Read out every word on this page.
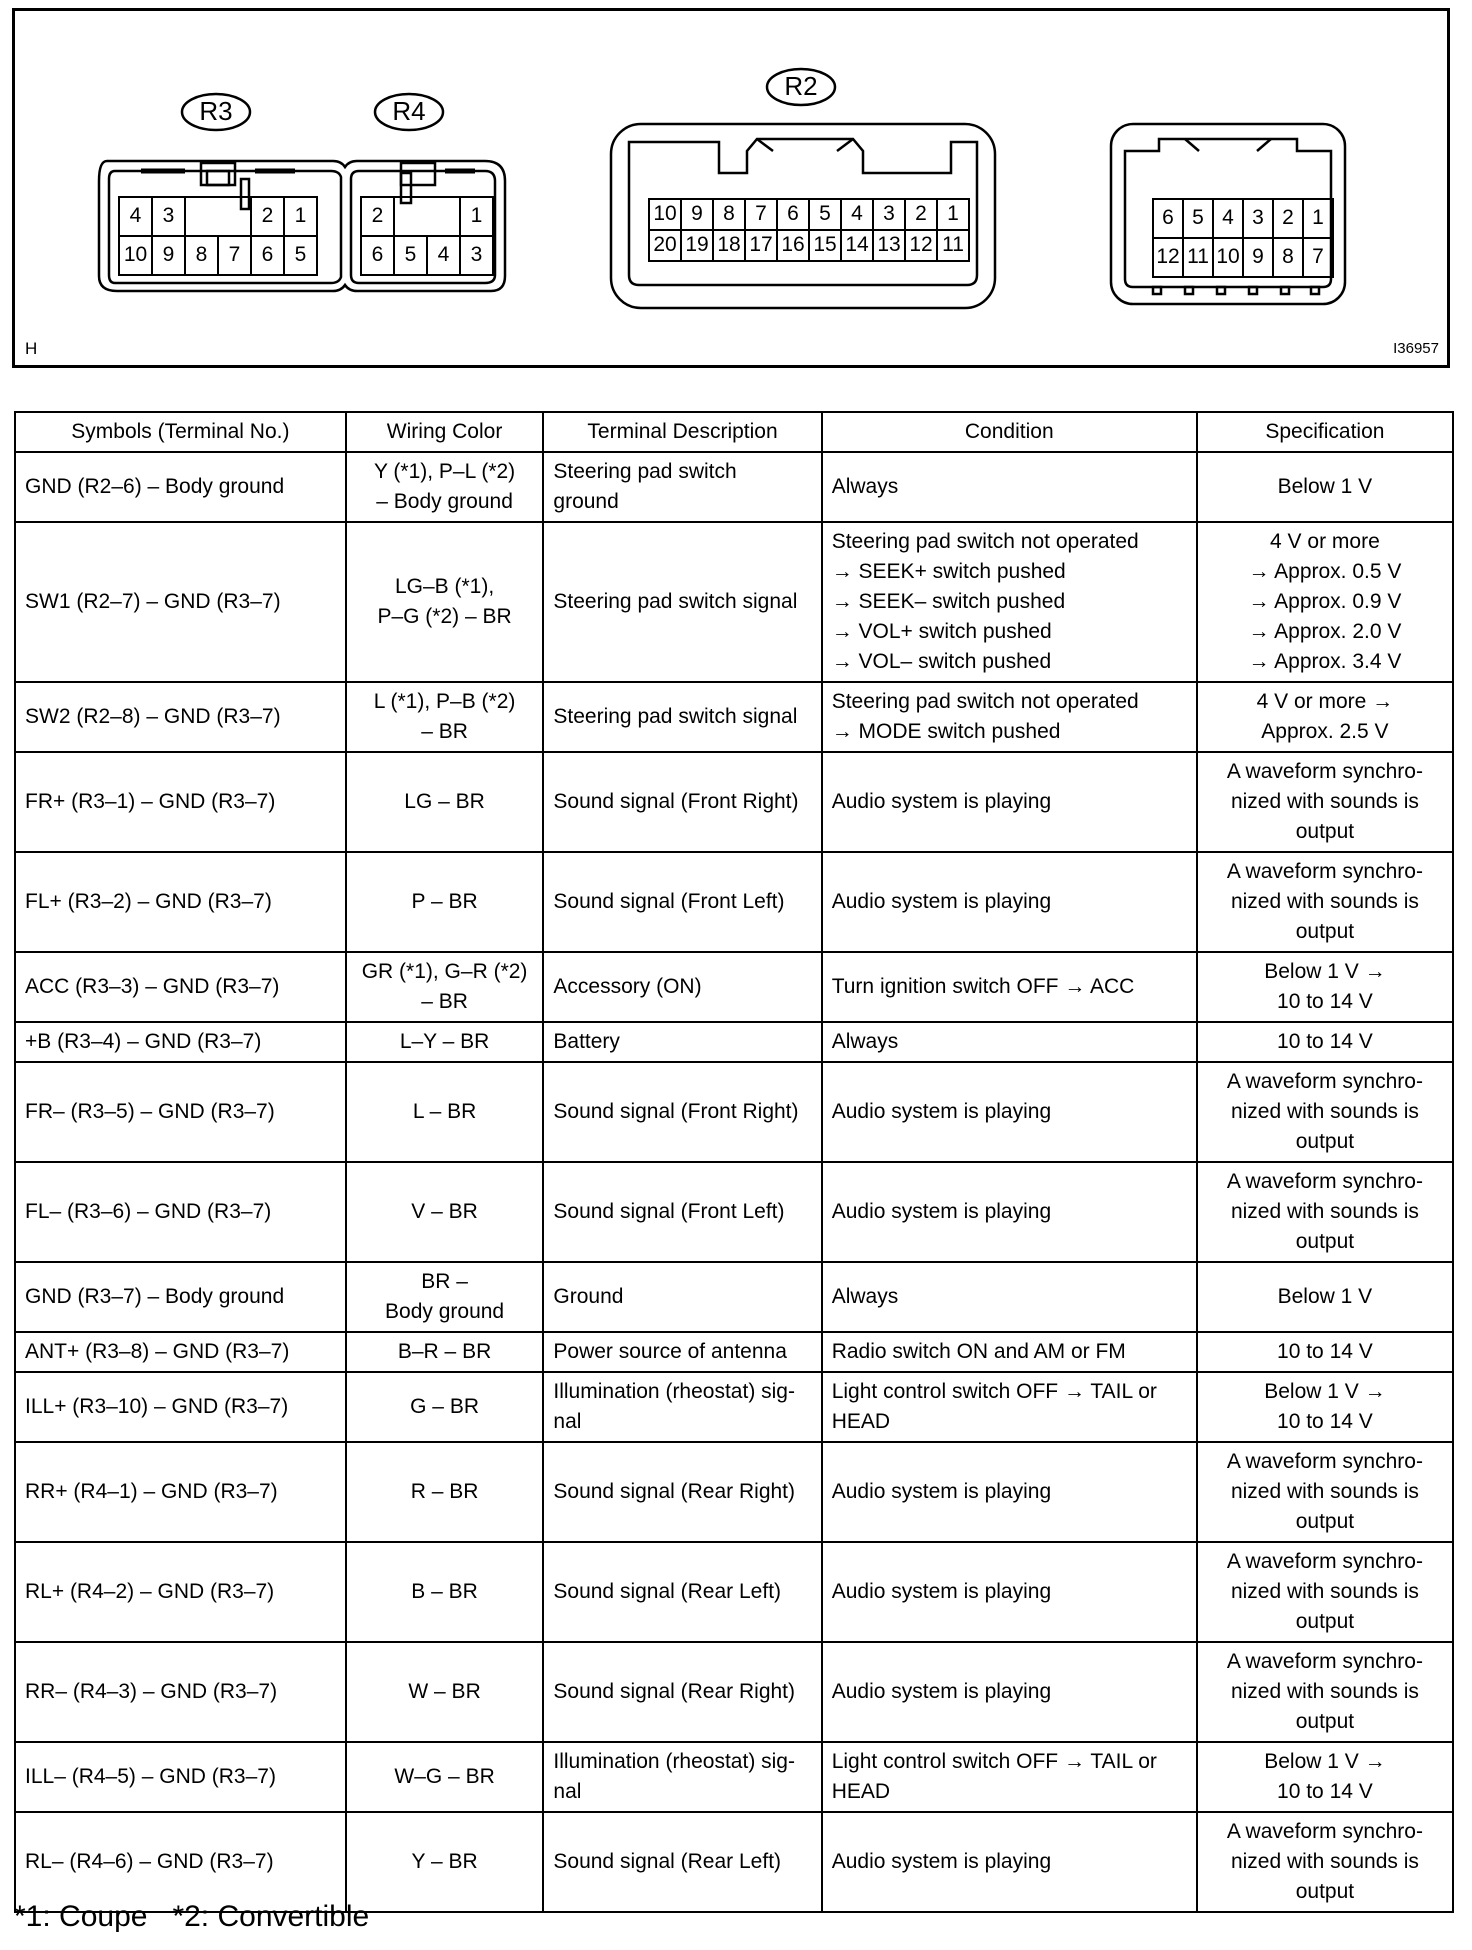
R3	R4
R2
10 9 8 7 6 5
4 3	2 1
6 5 4 3
2	1
20 19 18 17 16 15 14 13 12 11
10 9 8 7 6 5 4 3 2 1
12 11 10 9 8 7
6 5 4 3 2 1
H	I36957
Symbols (Terminal No.)	Wiring Color	Terminal Description	Condition	Specification
GND (R2–6) – Body ground	Y (*1), P–L (*2)
– Body ground	Steering pad switch
ground	Always	Below 1 V

SW1 (R2–7) – GND (R3–7)	LG–B (*1),
P–G (*2) – BR	Steering pad switch signal	Steering pad switch not operated
→ SEEK+ switch pushed
→ SEEK– switch pushed
→ VOL+ switch pushed
→ VOL– switch pushed	4 V or more
→ Approx. 0.5 V
→ Approx. 0.9 V
→ Approx. 2.0 V
→ Approx. 3.4 V

SW2 (R2–8) – GND (R3–7)	L (*1), P–B (*2)
– BR	Steering pad switch signal	Steering pad switch not operated
→ MODE switch pushed	4 V or more →
Approx. 2.5 V

FR+ (R3–1) – GND (R3–7)	LG – BR	Sound signal (Front Right)	Audio system is playing	A waveform synchro-
nized with sounds is
output

FL+ (R3–2) – GND (R3–7)	P – BR	Sound signal (Front Left)	Audio system is playing	A waveform synchro-
nized with sounds is
output

ACC (R3–3) – GND (R3–7)	GR (*1), G–R (*2)
– BR	Accessory (ON)	Turn ignition switch OFF → ACC	Below 1 V →
10 to 14 V

+B (R3–4) – GND (R3–7)	L–Y – BR	Battery	Always	10 to 14 V

FR– (R3–5) – GND (R3–7)	L – BR	Sound signal (Front Right)	Audio system is playing	A waveform synchro-
nized with sounds is
output

FL– (R3–6) – GND (R3–7)	V – BR	Sound signal (Front Left)	Audio system is playing	A waveform synchro-
nized with sounds is
output

GND (R3–7) – Body ground	BR –
Body ground	Ground	Always	Below 1 V

ANT+ (R3–8) – GND (R3–7)	B–R – BR	Power source of antenna	Radio switch ON and AM or FM	10 to 14 V

ILL+ (R3–10) – GND (R3–7)	G – BR	Illumination (rheostat) sig-
nal	Light control switch OFF → TAIL or
HEAD	Below 1 V →
10 to 14 V

RR+ (R4–1) – GND (R3–7)	R – BR	Sound signal (Rear Right)	Audio system is playing	A waveform synchro-
nized with sounds is
output

RL+ (R4–2) – GND (R3–7)	B – BR	Sound signal (Rear Left)	Audio system is playing	A waveform synchro-
nized with sounds is
output

RR– (R4–3) – GND (R3–7)	W – BR	Sound signal (Rear Right)	Audio system is playing	A waveform synchro-
nized with sounds is
output

ILL– (R4–5) – GND (R3–7)	W–G – BR	Illumination (rheostat) sig-
nal	Light control switch OFF → TAIL or
HEAD	Below 1 V →
10 to 14 V

RL– (R4–6) – GND (R3–7)	Y – BR	Sound signal (Rear Left)	Audio system is playing	A waveform synchro-
nized with sounds is
output
*1: Coupe   *2: Convertible
